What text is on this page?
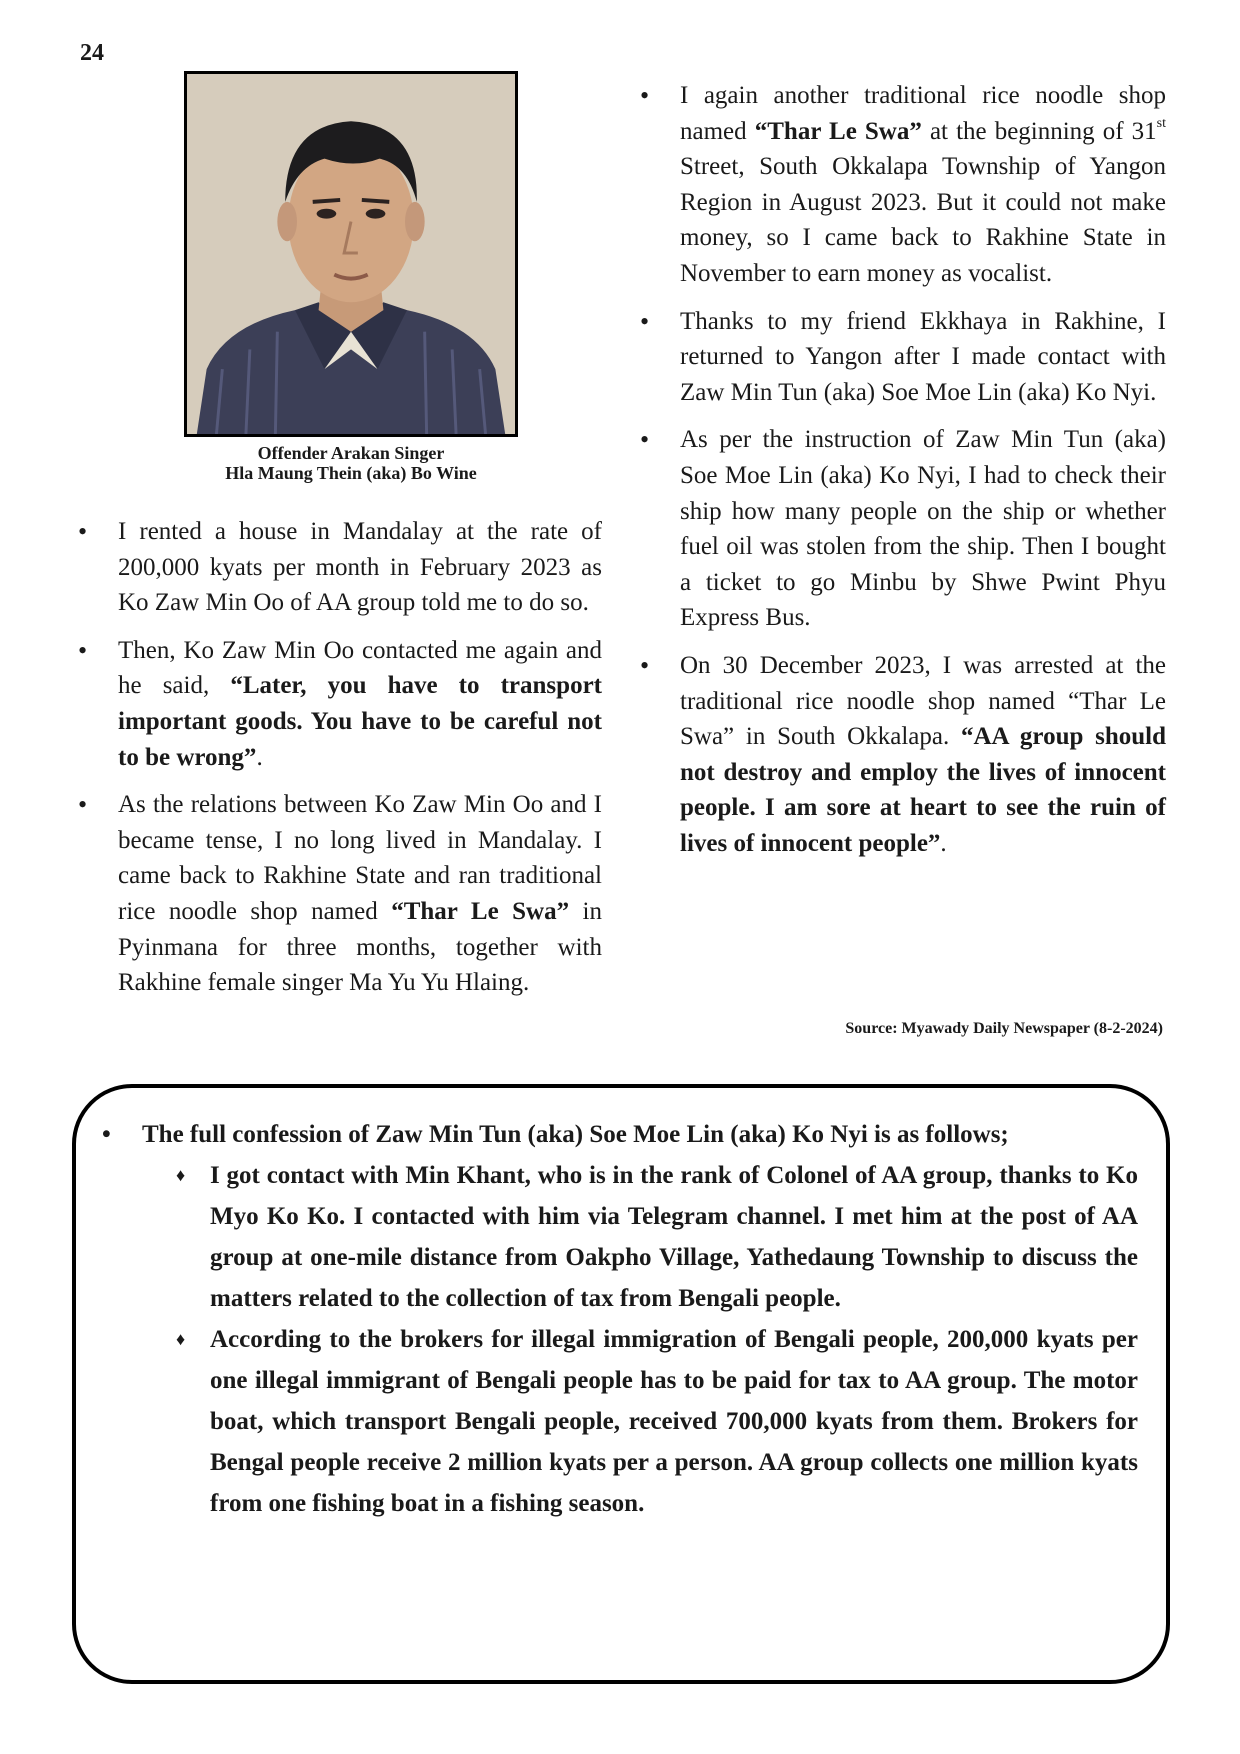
24
Offender Arakan Singer
Hla Maung Thein (aka) Bo Wine
• I rented a house in Mandalay at the rate of 200,000 kyats per month in February 2023 as Ko Zaw Min Oo of AA group told me to do so.
• Then, Ko Zaw Min Oo contacted me again and he said, “Later, you have to transport important goods. You have to be careful not to be wrong”.
• As the relations between Ko Zaw Min Oo and I became tense, I no long lived in Mandalay. I came back to Rakhine State and ran traditional rice noodle shop named “Thar Le Swa” in Pyinmana for three months, together with Rakhine female singer Ma Yu Yu Hlaing.
• I again another traditional rice noodle shop named “Thar Le Swa” at the beginning of 31st Street, South Okkalapa Township of Yangon Region in August 2023. But it could not make money, so I came back to Rakhine State in November to earn money as vocalist.
• Thanks to my friend Ekkhaya in Rakhine, I returned to Yangon after I made contact with Zaw Min Tun (aka) Soe Moe Lin (aka) Ko Nyi.
• As per the instruction of Zaw Min Tun (aka) Soe Moe Lin (aka) Ko Nyi, I had to check their ship how many people on the ship or whether fuel oil was stolen from the ship. Then I bought a ticket to go Minbu by Shwe Pwint Phyu Express Bus.
• On 30 December 2023, I was arrested at the traditional rice noodle shop named “Thar Le Swa” in South Okkalapa. “AA group should not destroy and employ the lives of innocent people. I am sore at heart to see the ruin of lives of innocent people”.
Source: Myawady Daily Newspaper (8-2-2024)
• The full confession of Zaw Min Tun (aka) Soe Moe Lin (aka) Ko Nyi is as follows;
♦ I got contact with Min Khant, who is in the rank of Colonel of AA group, thanks to Ko Myo Ko Ko. I contacted with him via Telegram channel. I met him at the post of AA group at one-mile distance from Oakpho Village, Yathedaung Township to discuss the matters related to the collection of tax from Bengali people.
♦ According to the brokers for illegal immigration of Bengali people, 200,000 kyats per one illegal immigrant of Bengali people has to be paid for tax to AA group. The motor boat, which transport Bengali people, received 700,000 kyats from them. Brokers for Bengal people receive 2 million kyats per a person. AA group collects one million kyats from one fishing boat in a fishing season.
